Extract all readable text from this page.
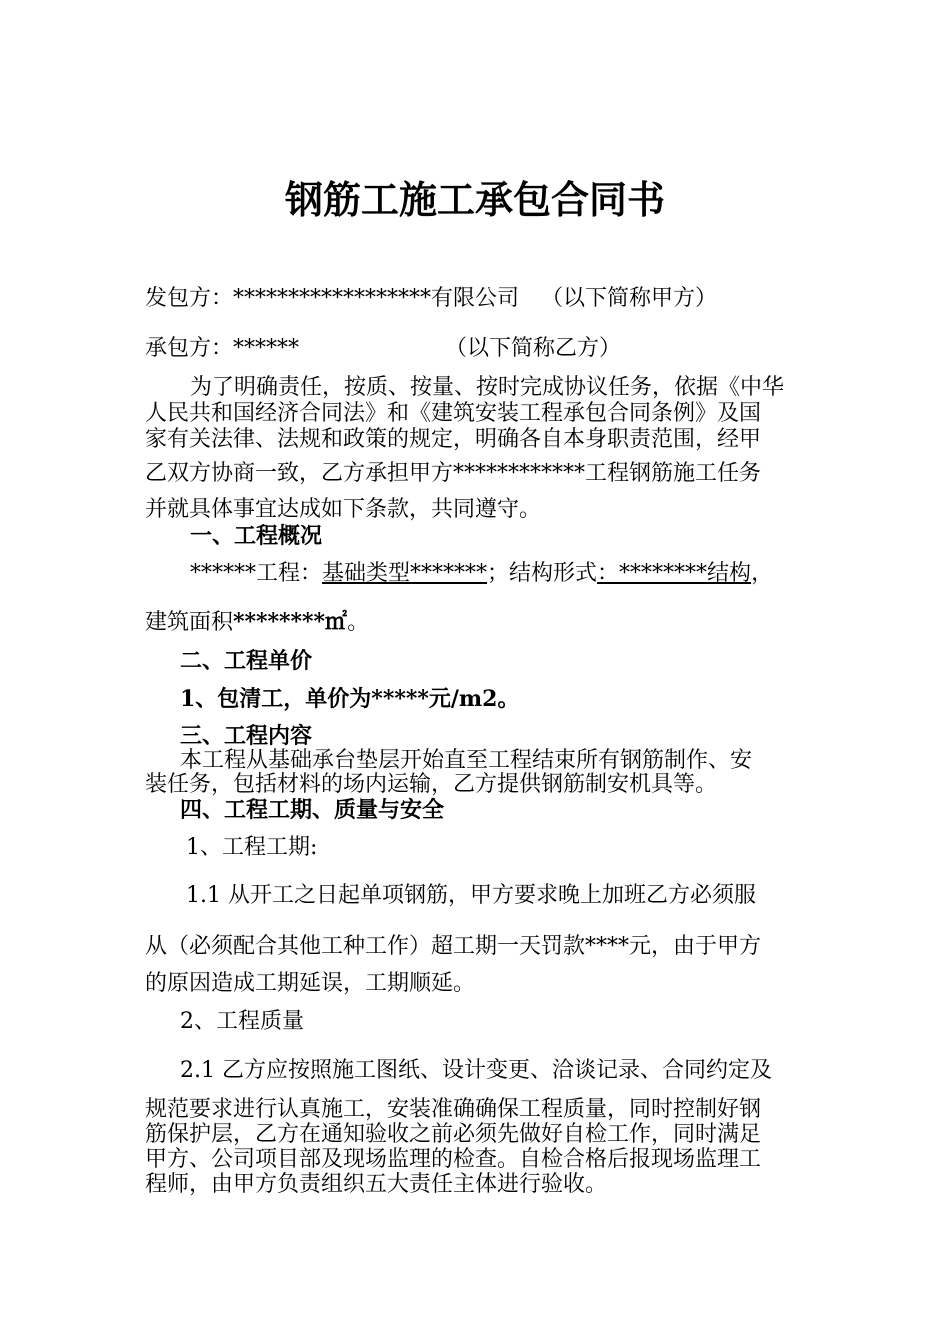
钢筋工施工承包合同书
发包方：******************有限公司 （以下简称甲方）
承包方：******	（以下简称乙方）
为了明确责任，按质、按量、按时完成协议任务，依据《中华
人民共和国经济合同法》和《建筑安装工程承包合同条例》及国
家有关法律、法规和政策的规定，明确各自本身职责范围，经甲
乙双方协商一致，乙方承担甲方************工程钢筋施工任务
并就具体事宜达成如下条款，共同遵守。
一、工程概况
******工程：基础类型*******；结构形式：********结构，
建筑面积********㎡。
二、工程单价
1、包清工，单价为*****元/m2。
三、工程内容
本工程从基础承台垫层开始直至工程结束所有钢筋制作、安
装任务，包括材料的场内运输，乙方提供钢筋制安机具等。
四、工程工期、质量与安全
1、工程工期:
1.1 从开工之日起单项钢筋，甲方要求晚上加班乙方必须服
从（必须配合其他工种工作）超工期一天罚款****元，由于甲方
的原因造成工期延误，工期顺延。
2、工程质量
2.1 乙方应按照施工图纸、设计变更、洽谈记录、合同约定及
规范要求进行认真施工，安装准确确保工程质量，同时控制好钢
筋保护层，乙方在通知验收之前必须先做好自检工作，同时满足
甲方、公司项目部及现场监理的检查。自检合格后报现场监理工
程师，由甲方负责组织五大责任主体进行验收。
